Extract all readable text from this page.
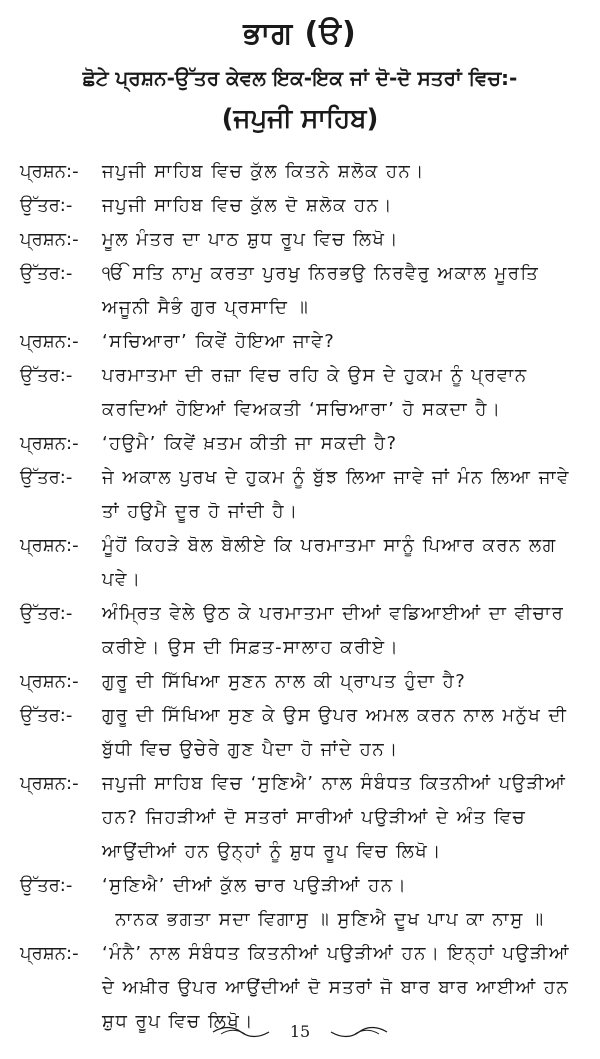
ਭਾਗ (ੳ)
ਛੋਟੇ ਪ੍ਰਸ਼ਨ-ਉੱਤਰ ਕੇਵਲ ਇਕ-ਇਕ ਜਾਂ ਦੋ-ਦੋ ਸਤਰਾਂ ਵਿਚ:-
(ਜਪੁਜੀ ਸਾਹਿਬ)
ਪ੍ਰਸ਼ਨ:-	ਜਪੁਜੀ ਸਾਹਿਬ ਵਿਚ ਕੁੱਲ ਕਿਤਨੇ ਸ਼ਲੋਕ ਹਨ।
ਉੱਤਰ:-	ਜਪੁਜੀ ਸਾਹਿਬ ਵਿਚ ਕੁੱਲ ਦੋ ਸ਼ਲੋਕ ਹਨ।
ਪ੍ਰਸ਼ਨ:-	ਮੂਲ ਮੰਤਰ ਦਾ ਪਾਠ ਸ਼ੁਧ ਰੂਪ ਵਿਚ ਲਿਖੋ।
ਉੱਤਰ:-	ੴ ਸਤਿ ਨਾਮੁ ਕਰਤਾ ਪੁਰਖੁ ਨਿਰਭਉ ਨਿਰਵੈਰੁ ਅਕਾਲ ਮੂਰਤਿ ਅਜੂਨੀ ਸੈਭੰ ਗੁਰ ਪ੍ਰਸਾਦਿ ॥
ਪ੍ਰਸ਼ਨ:-	‘ਸਚਿਆਰਾ’ ਕਿਵੇਂ ਹੋਇਆ ਜਾਵੇ?
ਉੱਤਰ:-	ਪਰਮਾਤਮਾ ਦੀ ਰਜ਼ਾ ਵਿਚ ਰਹਿ ਕੇ ਉਸ ਦੇ ਹੁਕਮ ਨੂੰ ਪ੍ਰਵਾਨ ਕਰਦਿਆਂ ਹੋਇਆਂ ਵਿਅਕਤੀ ‘ਸਚਿਆਰਾ’ ਹੋ ਸਕਦਾ ਹੈ।
ਪ੍ਰਸ਼ਨ:-	‘ਹਉਮੈ’ ਕਿਵੇਂ ਖ਼ਤਮ ਕੀਤੀ ਜਾ ਸਕਦੀ ਹੈ?
ਉੱਤਰ:-	ਜੇ ਅਕਾਲ ਪੁਰਖ ਦੇ ਹੁਕਮ ਨੂੰ ਬੁੱਝ ਲਿਆ ਜਾਵੇ ਜਾਂ ਮੰਨ ਲਿਆ ਜਾਵੇ ਤਾਂ ਹਉਮੈ ਦੂਰ ਹੋ ਜਾਂਦੀ ਹੈ।
ਪ੍ਰਸ਼ਨ:-	ਮੂੰਹੋਂ ਕਿਹੜੇ ਬੋਲ ਬੋਲੀਏ ਕਿ ਪਰਮਾਤਮਾ ਸਾਨੂੰ ਪਿਆਰ ਕਰਨ ਲਗ ਪਵੇ।
ਉੱਤਰ:-	ਅੰਮ੍ਰਿਤ ਵੇਲੇ ਉਠ ਕੇ ਪਰਮਾਤਮਾ ਦੀਆਂ ਵਡਿਆਈਆਂ ਦਾ ਵੀਚਾਰ ਕਰੀਏ। ਉਸ ਦੀ ਸਿਫ਼ਤ-ਸਾਲਾਹ ਕਰੀਏ।
ਪ੍ਰਸ਼ਨ:-	ਗੁਰੂ ਦੀ ਸਿੱਖਿਆ ਸੁਣਨ ਨਾਲ ਕੀ ਪ੍ਰਾਪਤ ਹੁੰਦਾ ਹੈ?
ਉੱਤਰ:-	ਗੁਰੂ ਦੀ ਸਿੱਖਿਆ ਸੁਣ ਕੇ ਉਸ ਉਪਰ ਅਮਲ ਕਰਨ ਨਾਲ ਮਨੁੱਖ ਦੀ ਬੁੱਧੀ ਵਿਚ ਉਚੇਰੇ ਗੁਣ ਪੈਦਾ ਹੋ ਜਾਂਦੇ ਹਨ।
ਪ੍ਰਸ਼ਨ:-	ਜਪੁਜੀ ਸਾਹਿਬ ਵਿਚ ‘ਸੁਣਿਐ’ ਨਾਲ ਸੰਬੰਧਤ ਕਿਤਨੀਆਂ ਪਉੜੀਆਂ ਹਨ? ਜਿਹੜੀਆਂ ਦੋ ਸਤਰਾਂ ਸਾਰੀਆਂ ਪਉੜੀਆਂ ਦੇ ਅੰਤ ਵਿਚ ਆਉਂਦੀਆਂ ਹਨ ਉਨ੍ਹਾਂ ਨੂੰ ਸ਼ੁਧ ਰੂਪ ਵਿਚ ਲਿਖੋ।
ਉੱਤਰ:-	‘ਸੁਣਿਐ’ ਦੀਆਂ ਕੁੱਲ ਚਾਰ ਪਉੜੀਆਂ ਹਨ।
ਨਾਨਕ ਭਗਤਾ ਸਦਾ ਵਿਗਾਸੁ ॥ ਸੁਣਿਐ ਦੂਖ ਪਾਪ ਕਾ ਨਾਸੁ ॥
ਪ੍ਰਸ਼ਨ:-	‘ਮੰਨੈ’ ਨਾਲ ਸੰਬੰਧਤ ਕਿਤਨੀਆਂ ਪਉੜੀਆਂ ਹਨ। ਇਨ੍ਹਾਂ ਪਉੜੀਆਂ ਦੇ ਅਖ਼ੀਰ ਉਪਰ ਆਉਂਦੀਆਂ ਦੋ ਸਤਰਾਂ ਜੋ ਬਾਰ ਬਾਰ ਆਈਆਂ ਹਨ ਸ਼ੁਧ ਰੂਪ ਵਿਚ ਲਿਖੋ।	15
